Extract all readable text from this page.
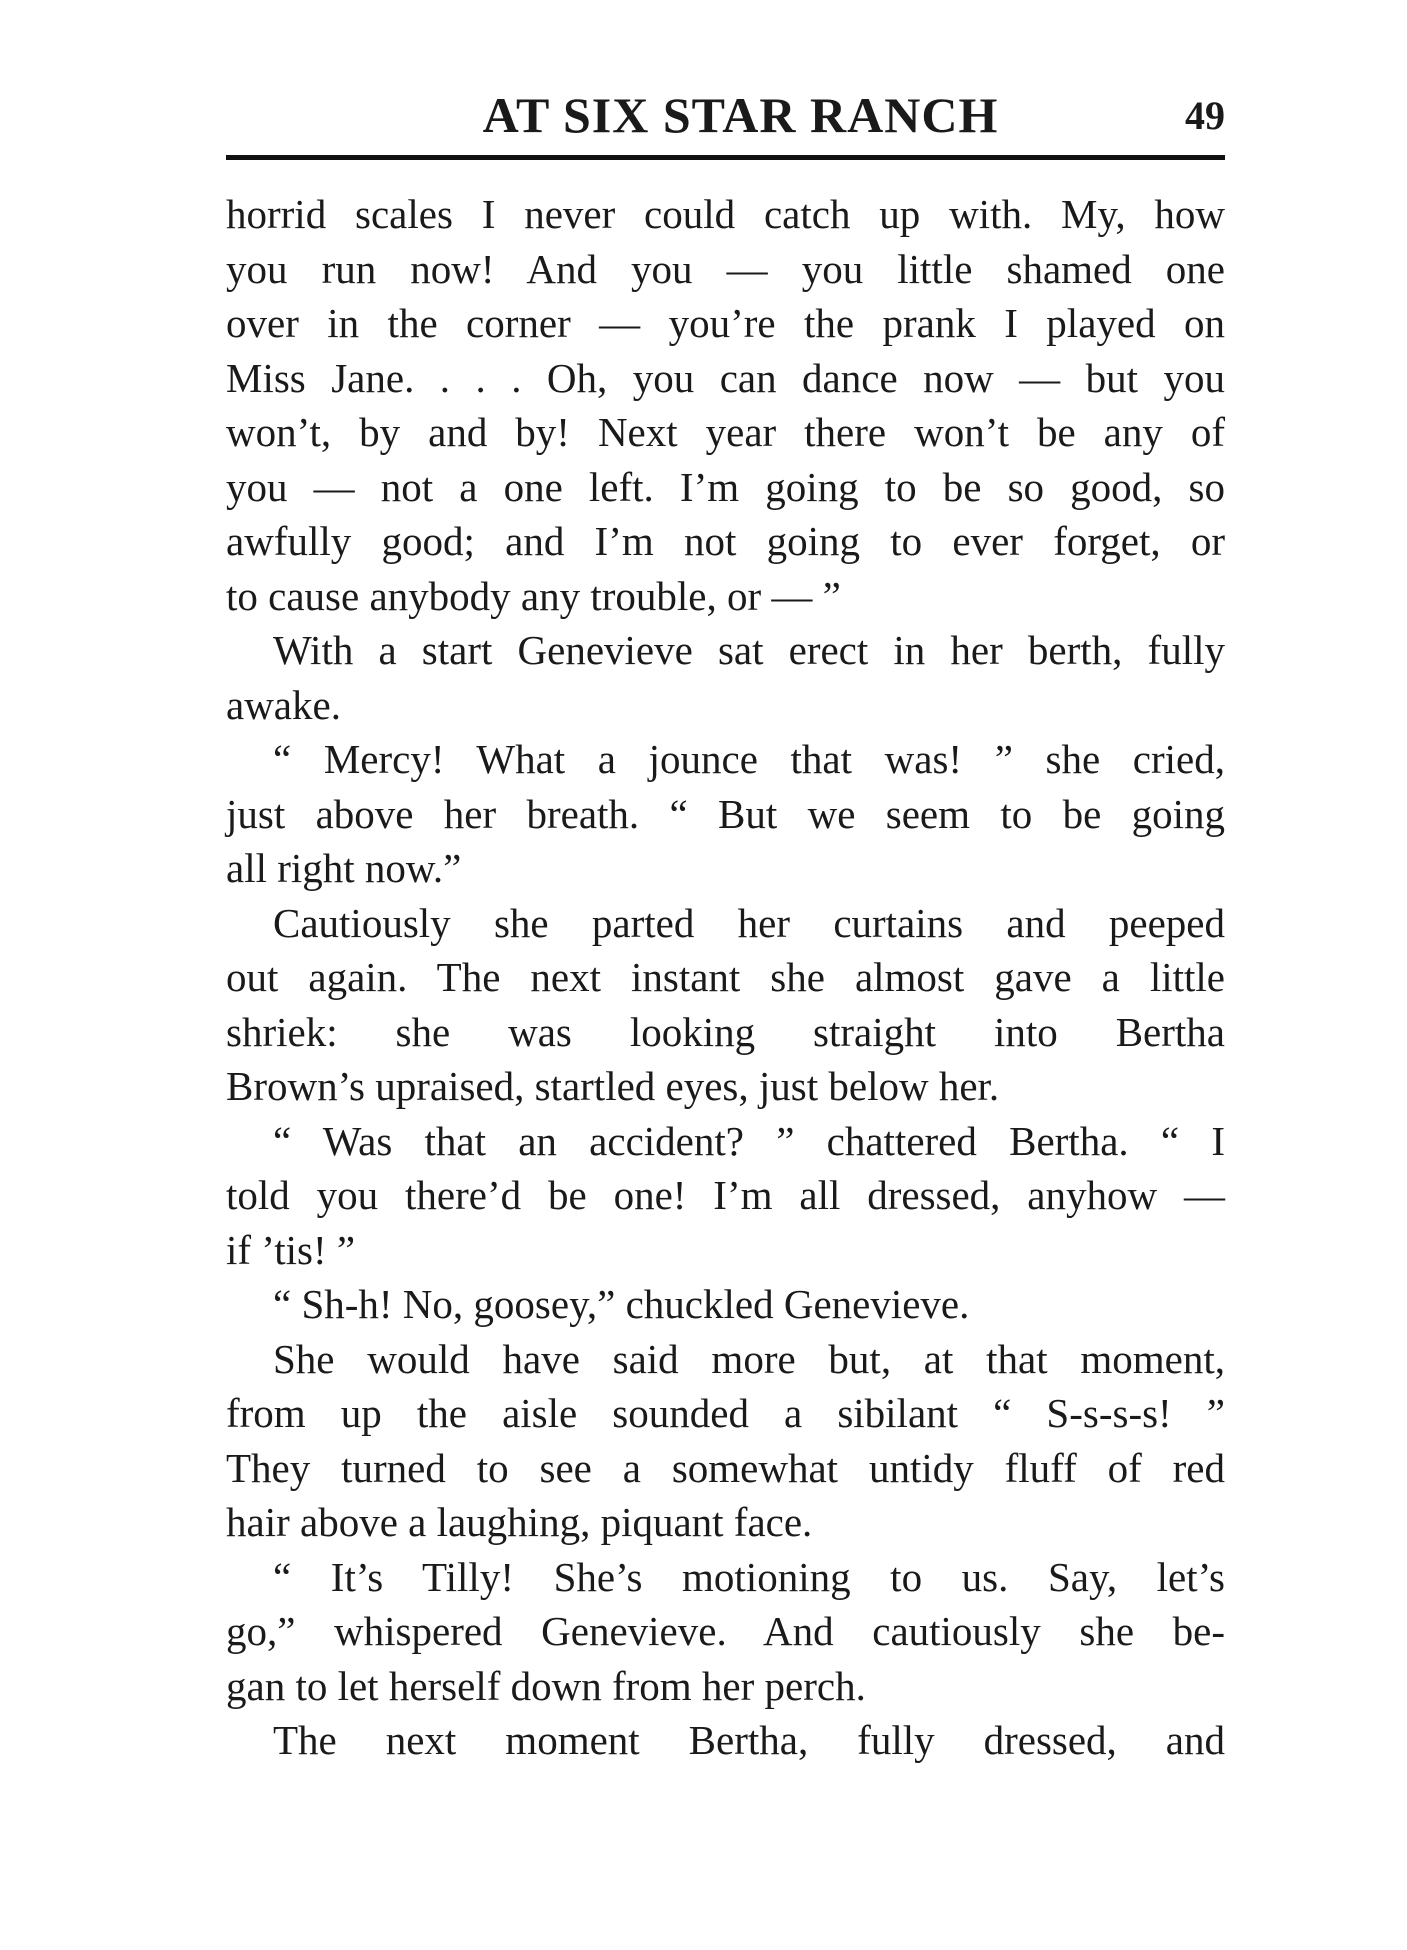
AT SIX STAR RANCH	49
horrid scales I never could catch up with. My, how
you run now! And you — you little shamed one
over in the corner — you’re the prank I played on
Miss Jane. . . . Oh, you can dance now — but you
won’t, by and by! Next year there won’t be any of
you — not a one left. I’m going to be so good, so
awfully good; and I’m not going to ever forget, or
to cause anybody any trouble, or — ”
With a start Genevieve sat erect in her berth, fully
awake.
“ Mercy! What a jounce that was! ” she cried,
just above her breath. “ But we seem to be going
all right now.”
Cautiously she parted her curtains and peeped
out again. The next instant she almost gave a little
shriek: she was looking straight into Bertha
Brown’s upraised, startled eyes, just below her.
“ Was that an accident? ” chattered Bertha. “ I
told you there’d be one! I’m all dressed, anyhow —
if ’tis! ”
“ Sh-h! No, goosey,” chuckled Genevieve.
She would have said more but, at that moment,
from up the aisle sounded a sibilant “ S-s-s-s! ”
They turned to see a somewhat untidy fluff of red
hair above a laughing, piquant face.
“ It’s Tilly! She’s motioning to us. Say, let’s
go,” whispered Genevieve. And cautiously she be-
gan to let herself down from her perch.
The next moment Bertha, fully dressed, and
